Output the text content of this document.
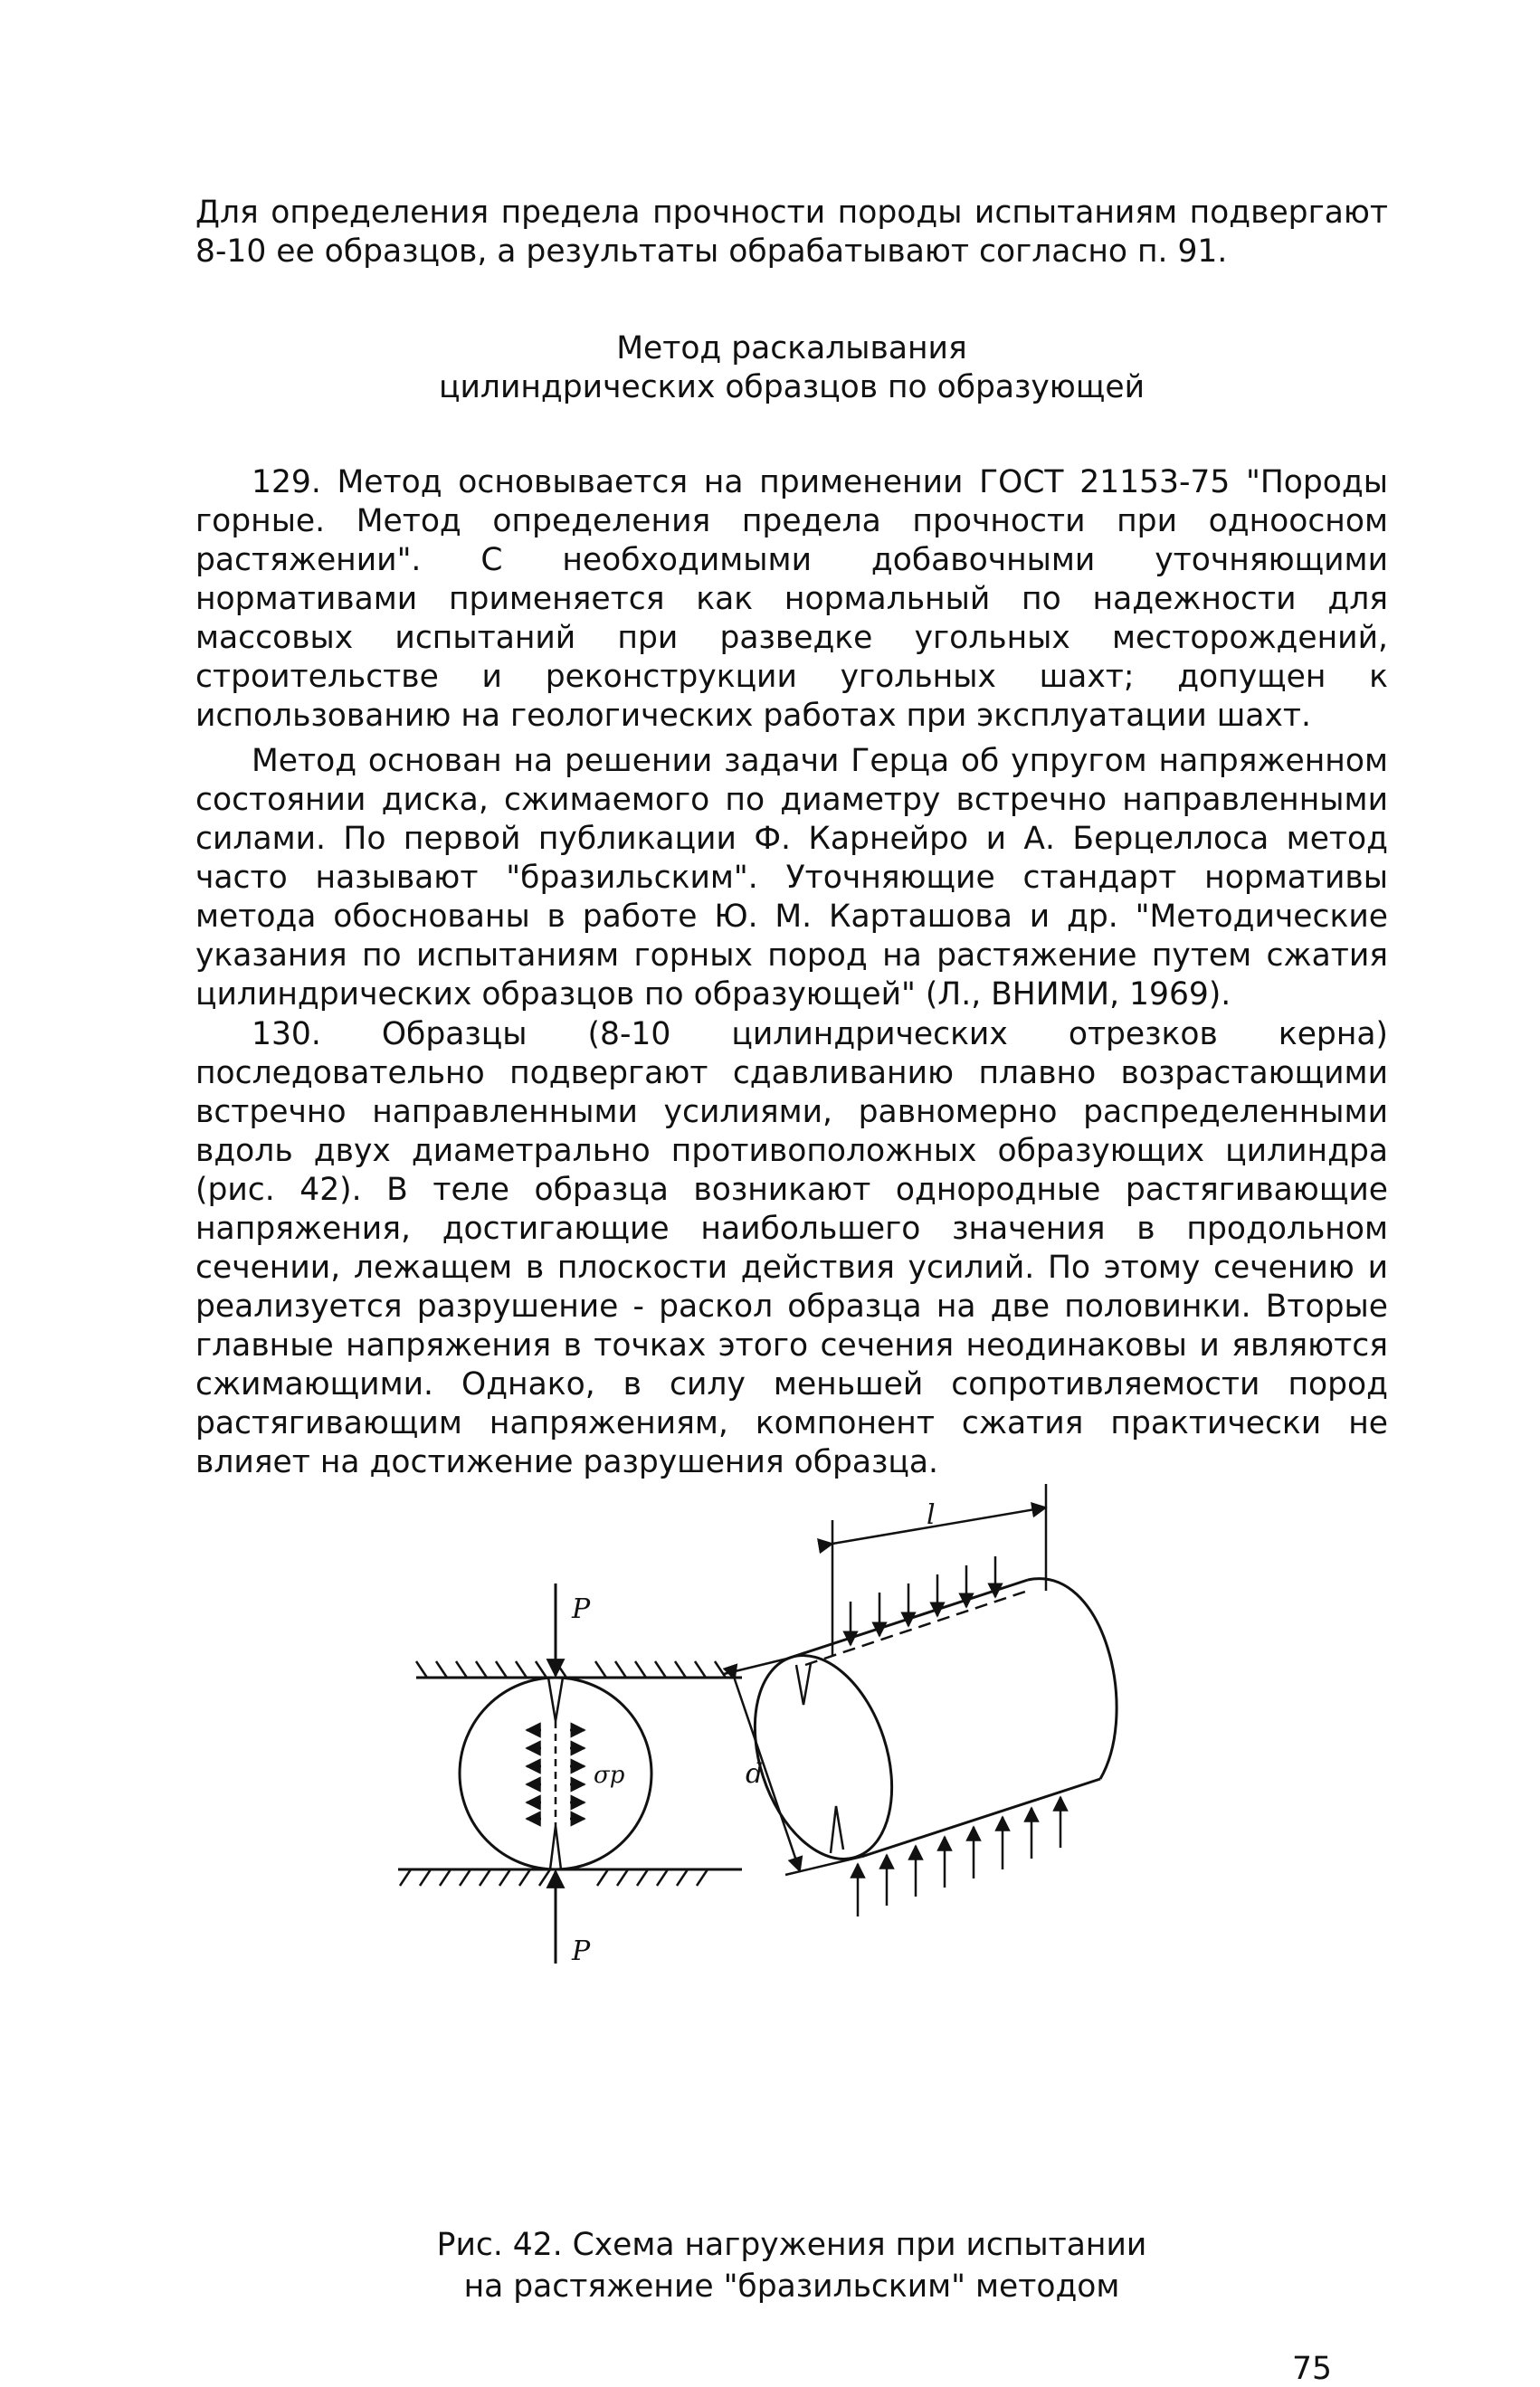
Для определения предела прочности породы испытаниям подвергают 8-10 ее образцов, а результаты обрабатывают согласно п. 91.

Метод раскалывания
цилиндрических образцов по образующей

129. Метод основывается на применении ГОСТ 21153-75 "Породы горные. Метод определения предела прочности при одноосном растяжении". С необходимыми добавочными уточняющими нормативами применяется как нормальный по надежности для массовых испытаний при разведке угольных месторождений, строительстве и реконструкции угольных шахт; допущен к использованию на геологических работах при эксплуатации шахт.

Метод основан на решении задачи Герца об упругом напряженном состоянии диска, сжимаемого по диаметру встречно направленными силами. По первой публикации Ф. Карнейро и А. Берцеллоса метод часто называют "бразильским". Уточняющие стандарт нормативы метода обоснованы в работе Ю. М. Карташова и др. "Методические указания по испытаниям горных пород на растяжение путем сжатия цилиндрических образцов по образующей" (Л., ВНИМИ, 1969).

130. Образцы (8-10 цилиндрических отрезков керна) последовательно подвергают сдавливанию плавно возрастающими встречно направленными усилиями, равномерно распределенными вдоль двух диаметрально противоположных образующих цилиндра (рис. 42). В теле образца возникают однородные растягивающие напряжения, достигающие наибольшего значения в продольном сечении, лежащем в плоскости действия усилий. По этому сечению и реализуется разрушение - раскол образца на две половинки. Вторые главные напряжения в точках этого сечения неодинаковы и являются сжимающими. Однако, в силу меньшей сопротивляемости пород растягивающим напряжениям, компонент сжатия практически не влияет на достижение разрушения образца.

P
P
σр
l
d
Рис. 42. Схема нагружения при испытании
на растяжение "бразильским" методом
75
